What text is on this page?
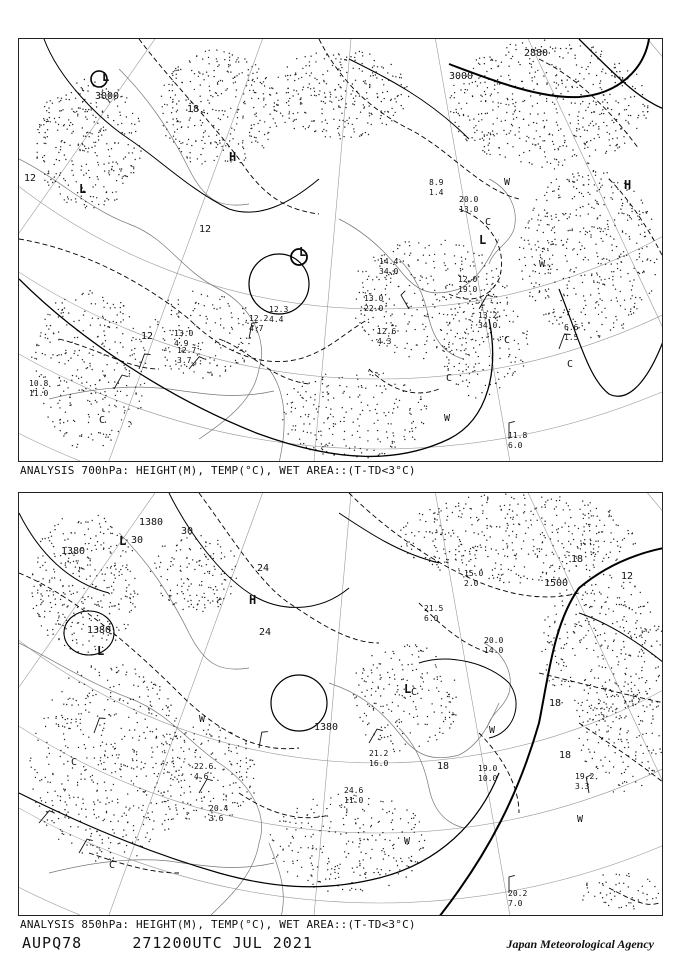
3000
3000
2880
18
12
12
12
L
L
L
L
H
H
W
W
W
C
C
C
C
C
13.2
34.0
11.8
6.0
6.6
1.5
12.0
19.0
20.0
13.0
8.9
1.4
10.8
11.0
12.7
3.7
13.0
4.9
14.4
34.0
12.3
4.4
12.2
4.7
13.0
22.0
12.6
4.3
ANALYSIS 700hPa: HEIGHT(M), TEMP(°C), WET AREA::(T-TD<3°C)
1500
1380
1380
1380
1380
30
30
24
24
18
18
18
18
12
L
L
L
H
W
W
W
W
C
C
C
19.2
3.3
20.2
7.0
19.0
10.0
21.2
16.0
15.0
2.0
20.0
14.0
24.6
11.0
22.6
4.6
20.4
3.6
21.5
6.0
ANALYSIS 850hPa: HEIGHT(M), TEMP(°C), WET AREA::(T-TD<3°C)
AUPQ78	271200UTC JUL 2021	Japan Meteorological Agency
